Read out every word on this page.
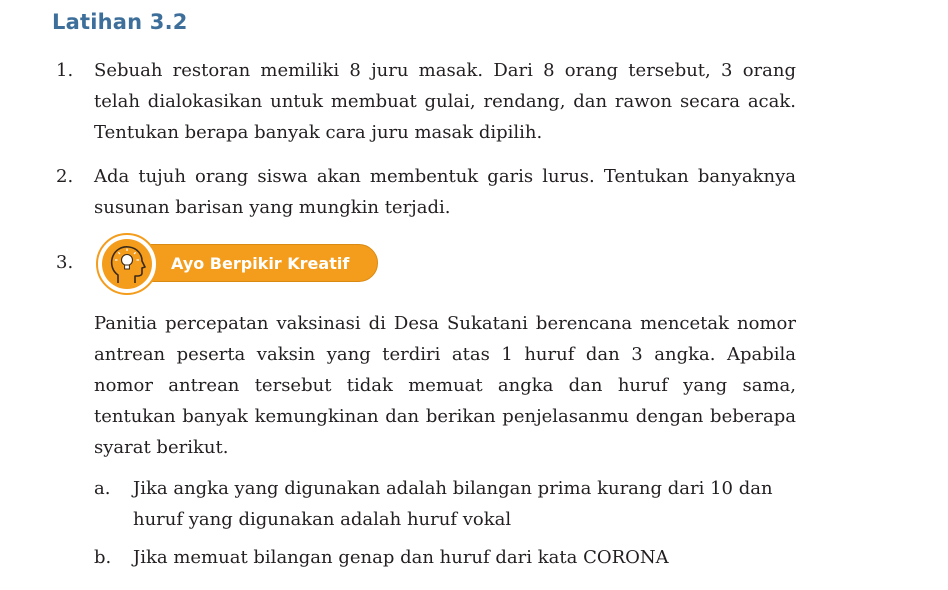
Latihan 3.2
1. Sebuah restoran memiliki 8 juru masak. Dari 8 orang tersebut, 3 orang telah dialokasikan untuk membuat gulai, rendang, dan rawon secara acak. Tentukan berapa banyak cara juru masak dipilih.
2. Ada tujuh orang siswa akan membentuk garis lurus. Tentukan banyaknya susunan barisan yang mungkin terjadi.
3.	Ayo Berpikir Kreatif
Panitia percepatan vaksinasi di Desa Sukatani berencana mencetak nomor antrean peserta vaksin yang terdiri atas 1 huruf dan 3 angka. Apabila nomor antrean tersebut tidak memuat angka dan huruf yang sama, tentukan banyak kemungkinan dan berikan penjelasanmu dengan beberapa syarat berikut.
a. Jika angka yang digunakan adalah bilangan prima kurang dari 10 dan huruf yang digunakan adalah huruf vokal
b. Jika memuat bilangan genap dan huruf dari kata CORONA
